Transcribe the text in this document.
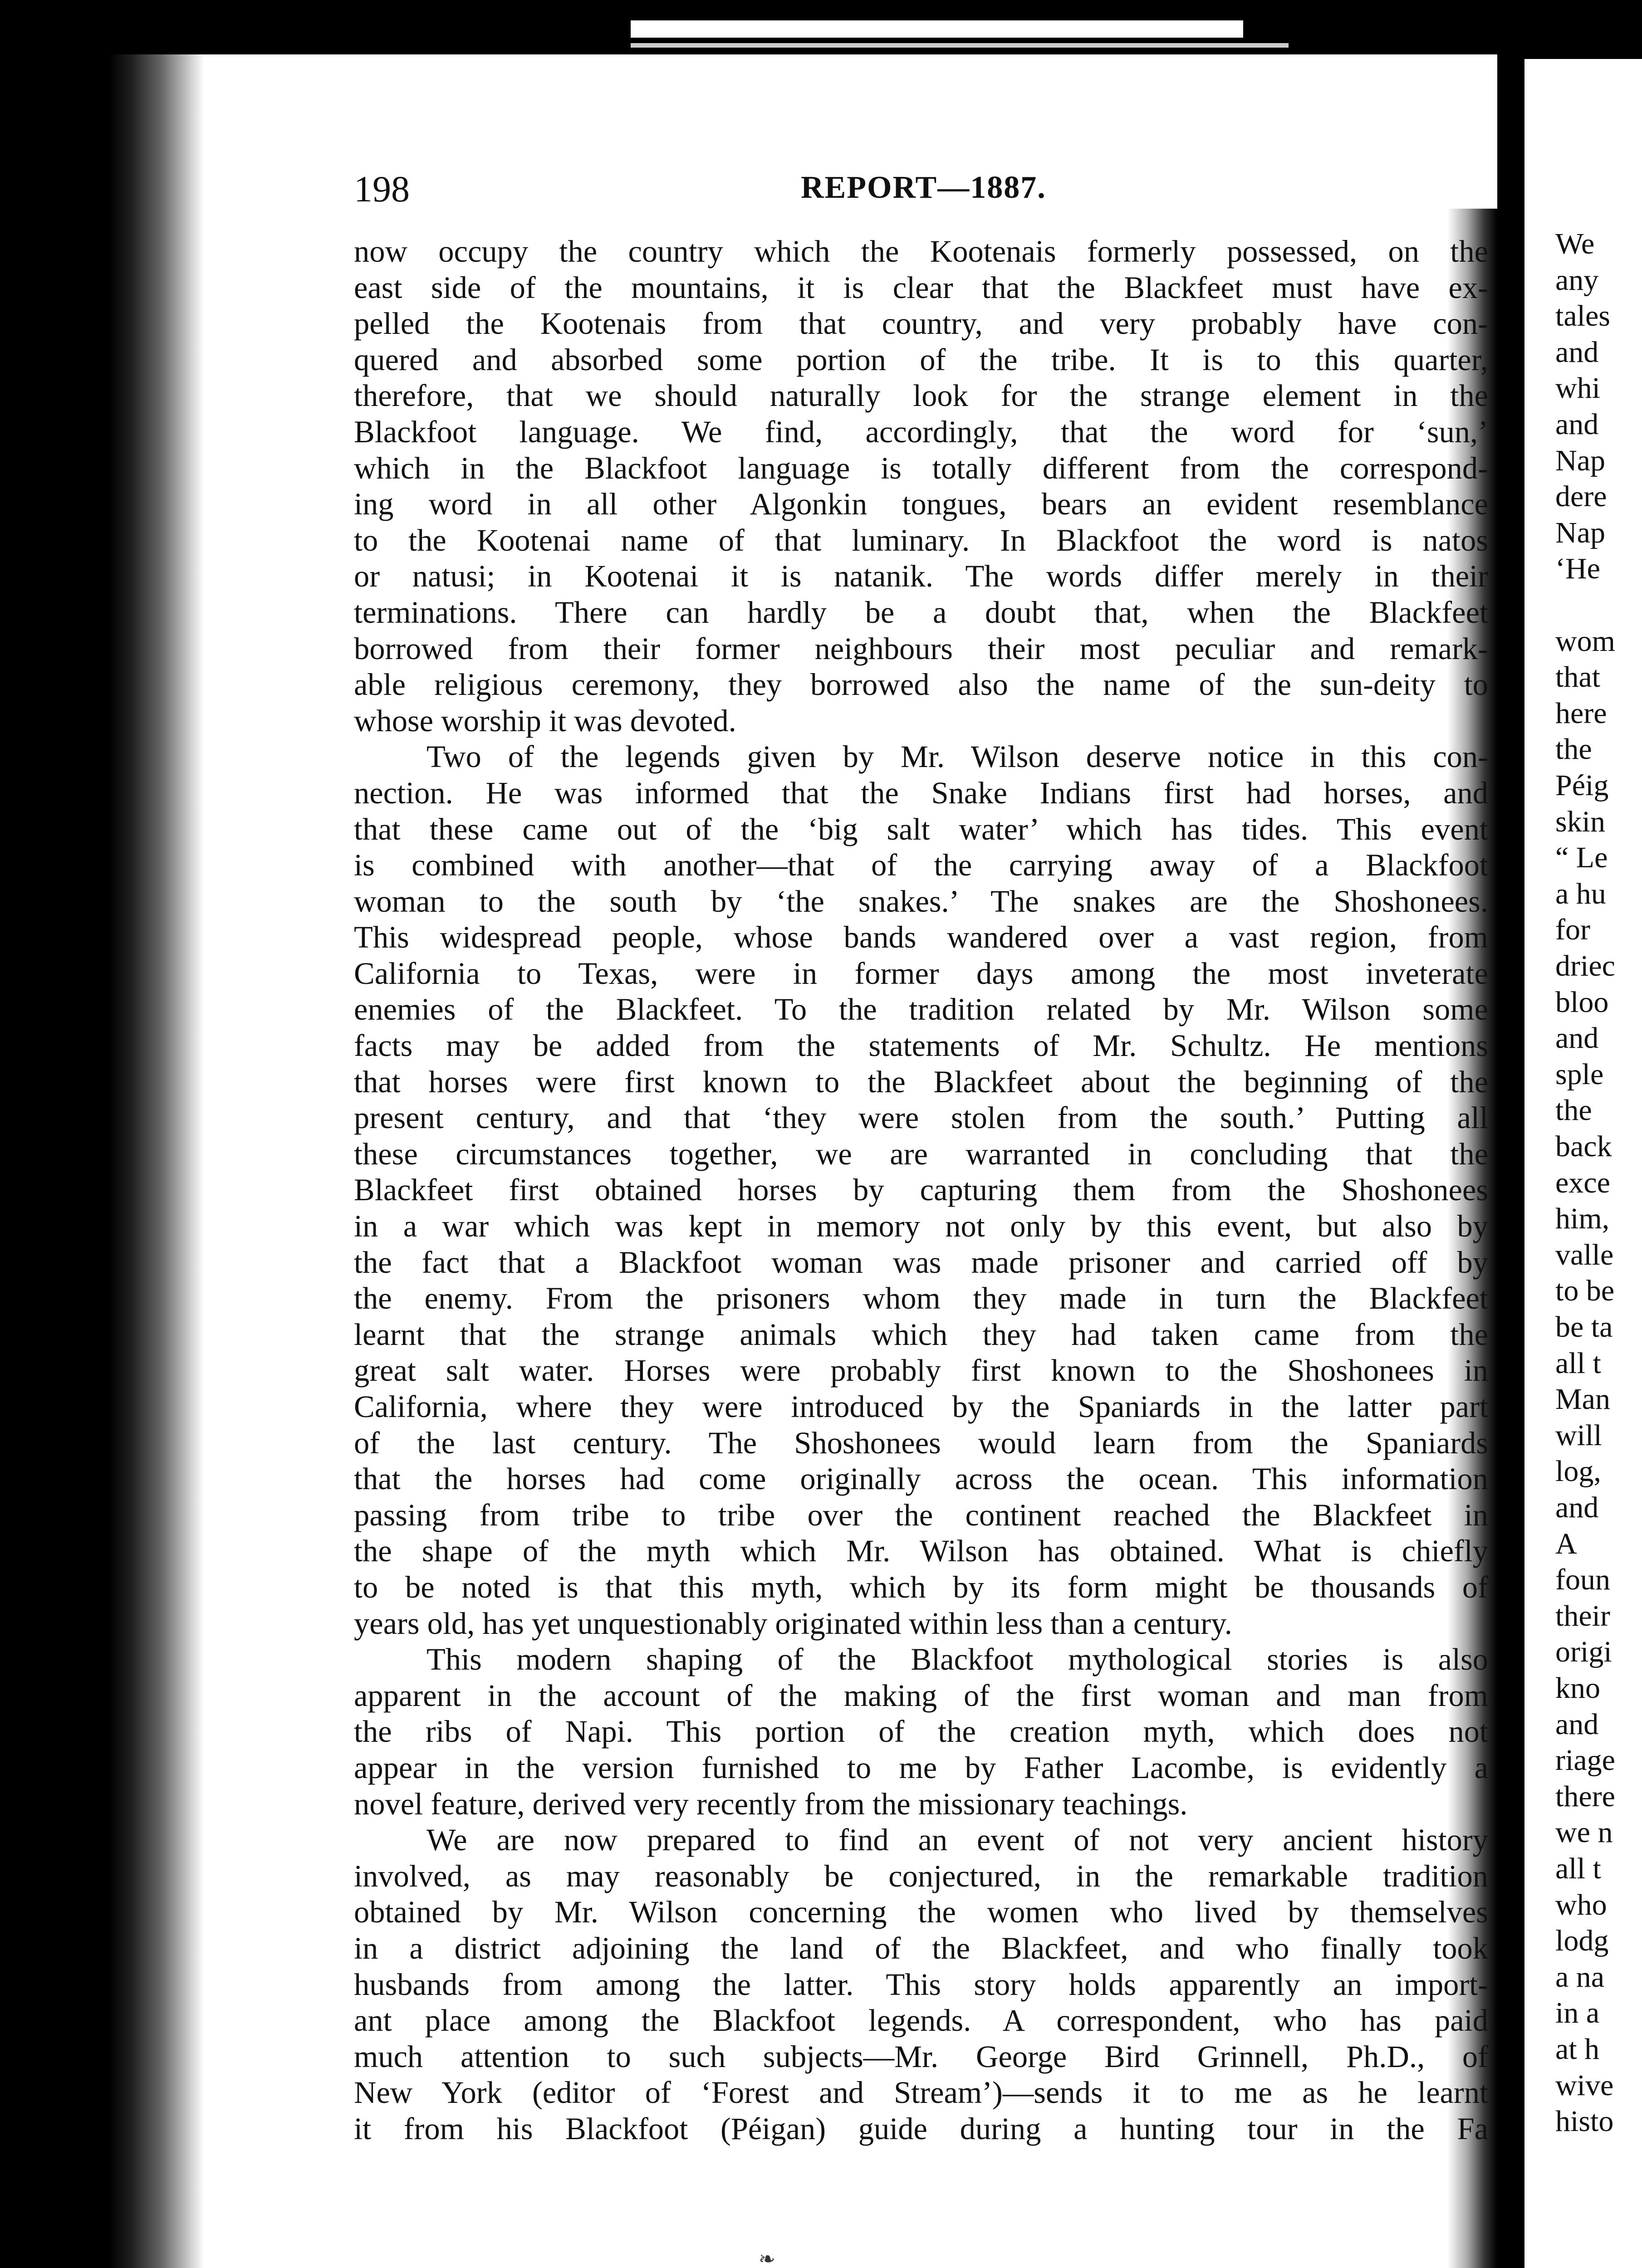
We
any
tales
and
whi
and
Nap
dere
Nap
‘He
wom
that
here
the
Péig
skin
“ Le
a hu
for
driec
bloo
and
sple
the
back
exce
him,
valle
to be
be ta
all t
Man
will
log,
and
A
foun
their
origi
kno
and
riage
there
we n
all t
who
lodg
a na
in a
at h
wive
histo
198	REPORT—1887.
now occupy the country which the Kootenais formerly possessed, on the
east side of the mountains, it is clear that the Blackfeet must have ex-
pelled the Kootenais from that country, and very probably have con-
quered and absorbed some portion of the tribe. It is to this quarter,
therefore, that we should naturally look for the strange element in the
Blackfoot language. We find, accordingly, that the word for ‘sun,’
which in the Blackfoot language is totally different from the correspond-
ing word in all other Algonkin tongues, bears an evident resemblance
to the Kootenai name of that luminary. In Blackfoot the word is natos
or natusi; in Kootenai it is natanik. The words differ merely in their
terminations. There can hardly be a doubt that, when the Blackfeet
borrowed from their former neighbours their most peculiar and remark-
able religious ceremony, they borrowed also the name of the sun-deity to
whose worship it was devoted.
Two of the legends given by Mr. Wilson deserve notice in this con-
nection. He was informed that the Snake Indians first had horses, and
that these came out of the ‘big salt water’ which has tides. This event
is combined with another—that of the carrying away of a Blackfoot
woman to the south by ‘the snakes.’ The snakes are the Shoshonees.
This widespread people, whose bands wandered over a vast region, from
California to Texas, were in former days among the most inveterate
enemies of the Blackfeet. To the tradition related by Mr. Wilson some
facts may be added from the statements of Mr. Schultz. He mentions
that horses were first known to the Blackfeet about the beginning of the
present century, and that ‘they were stolen from the south.’ Putting all
these circumstances together, we are warranted in concluding that the
Blackfeet first obtained horses by capturing them from the Shoshonees
in a war which was kept in memory not only by this event, but also by
the fact that a Blackfoot woman was made prisoner and carried off by
the enemy. From the prisoners whom they made in turn the Blackfeet
learnt that the strange animals which they had taken came from the
great salt water. Horses were probably first known to the Shoshonees in
California, where they were introduced by the Spaniards in the latter part
of the last century. The Shoshonees would learn from the Spaniards
that the horses had come originally across the ocean. This information
passing from tribe to tribe over the continent reached the Blackfeet in
the shape of the myth which Mr. Wilson has obtained. What is chiefly
to be noted is that this myth, which by its form might be thousands of
years old, has yet unquestionably originated within less than a century.
This modern shaping of the Blackfoot mythological stories is also
apparent in the account of the making of the first woman and man from
the ribs of Napi. This portion of the creation myth, which does not
appear in the version furnished to me by Father Lacombe, is evidently a
novel feature, derived very recently from the missionary teachings.
We are now prepared to find an event of not very ancient history
involved, as may reasonably be conjectured, in the remarkable tradition
obtained by Mr. Wilson concerning the women who lived by themselves
in a district adjoining the land of the Blackfeet, and who finally took
husbands from among the latter. This story holds apparently an import-
ant place among the Blackfoot legends. A correspondent, who has paid
much attention to such subjects—Mr. George Bird Grinnell, Ph.D., of
New York (editor of ‘Forest and Stream’)—sends it to me as he learnt
it from his Blackfoot (Péigan) guide during a hunting tour in the Fa
❧
